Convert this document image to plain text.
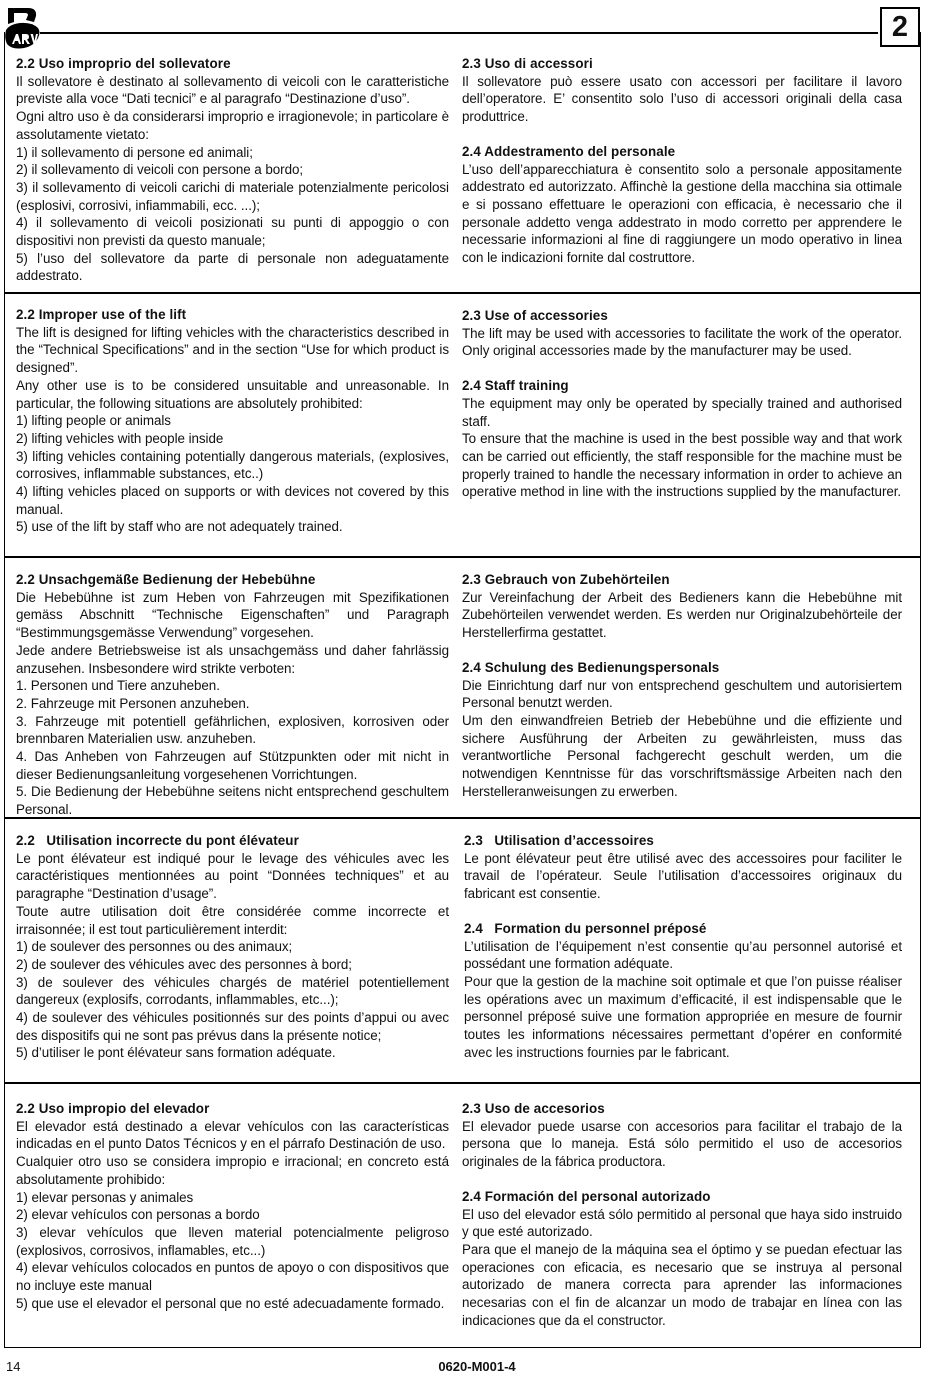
2
2.2 Uso improprio del sollevatore

Il sollevatore è destinato al sollevamento di veicoli con le caratteristiche previste alla voce “Dati tecnici” e al paragrafo “Destinazione d’uso”.

Ogni altro uso è da considerarsi improprio e irragionevole; in particolare è assolutamente vietato:

1) il sollevamento di persone ed animali;

2) il sollevamento di veicoli con persone a bordo;

3) il sollevamento di veicoli carichi di materiale potenzialmente pericolosi (esplosivi, corrosivi, infiammabili, ecc. ...);

4) il sollevamento di veicoli posizionati su punti di appoggio o con dispositivi non previsti da questo manuale;

5) l’uso del sollevatore da parte di personale non adeguatamente addestrato.

2.3 Uso di accessori

Il sollevatore può essere usato con accessori per facilitare il lavoro dell’operatore. E’ consentito solo l’uso di accessori originali della casa produttrice.

2.4 Addestramento del personale

L’uso dell’apparecchiatura è consentito solo a personale appositamente addestrato ed autorizzato. Affinchè la gestione della macchina sia ottimale e si possano effettuare le operazioni con efficacia, è necessario che il personale addetto venga addestrato in modo corretto per apprendere le necessarie informazioni al fine di raggiungere un modo operativo in linea con le indicazioni fornite dal costruttore.

2.2 Improper use of the lift

The lift is designed for lifting vehicles with the characteristics described in the “Technical Specifications” and in the section “Use for which product is designed”.

Any other use is to be considered unsuitable and unreasonable. In particular, the following situations are absolutely prohibited:

1) lifting people or animals

2) lifting vehicles with people inside

3) lifting vehicles containing potentially dangerous materials, (explosives, corrosives, inflammable substances, etc..)

4) lifting vehicles placed on supports or with devices not covered by this manual.

5) use of the lift by staff who are not adequately trained.

2.3 Use of accessories

The lift may be used with accessories to facilitate the work of the operator. Only original accessories made by the manufacturer may be used.

2.4 Staff training

The equipment may only be operated by specially trained and authorised staff.

To ensure that the machine is used in the best possible way and that work can be carried out efficiently, the staff responsible for the machine must be properly trained to handle the necessary information in order to achieve an operative method in line with the instructions supplied by the manufacturer.

2.2 Unsachgemäße Bedienung der Hebebühne

Die Hebebühne ist zum Heben von Fahrzeugen mit Spezifikationen gemäss Abschnitt “Technische Eigenschaften” und Paragraph “Bestimmungsgemässe Verwendung” vorgesehen.

Jede andere Betriebsweise ist als unsachgemäss und daher fahrlässig anzusehen. Insbesondere wird strikte verboten:

1. Personen und Tiere anzuheben.

2. Fahrzeuge mit Personen anzuheben.

3. Fahrzeuge mit potentiell gefährlichen, explosiven, korrosiven oder brennbaren Materialien usw. anzuheben.

4. Das Anheben von Fahrzeugen auf Stützpunkten oder mit nicht in dieser Bedienungsanleitung vorgesehenen Vorrichtungen.

5. Die Bedienung der Hebebühne seitens nicht entsprechend geschultem Personal.

2.3 Gebrauch von Zubehörteilen

Zur Vereinfachung der Arbeit des Bedieners kann die Hebebühne mit Zubehörteilen verwendet werden. Es werden nur Originalzubehörteile der Herstellerfirma gestattet.

2.4 Schulung des Bedienungspersonals

Die Einrichtung darf nur von entsprechend geschultem und autorisiertem Personal benutzt werden.

Um den einwandfreien Betrieb der Hebebühne und die effiziente und sichere Ausführung der Arbeiten zu gewährleisten, muss das verantwortliche Personal fachgerecht geschult werden, um die notwendigen Kenntnisse für das vorschriftsmässige Arbeiten nach den Herstelleranweisungen zu erwerben.

2.2   Utilisation incorrecte du pont élévateur

Le pont élévateur est indiqué pour le levage des véhicules avec les caractéristiques mentionnées au point “Données techniques” et au paragraphe “Destination d’usage”.

Toute autre utilisation doit être considérée comme incorrecte et irraisonnée; il est tout particulièrement interdit:

1) de soulever des personnes ou des animaux;

2) de soulever des véhicules avec des personnes à bord;

3) de soulever des véhicules chargés de matériel potentiellement dangereux (explosifs, corrodants, inflammables, etc...);

4) de soulever des véhicules positionnés sur des points d’appui ou avec des dispositifs qui ne sont pas prévus dans la présente notice;

5) d’utiliser le pont élévateur sans formation adéquate.

2.3   Utilisation d’accessoires

Le pont élévateur peut être utilisé avec des accessoires pour faciliter le travail de l’opérateur. Seule l’utilisation d’accessoires originaux du fabricant est consentie.

2.4   Formation du personnel préposé

L’utilisation de l’équipement n’est consentie qu’au personnel autorisé et possédant une formation adéquate.

Pour que la gestion de la machine soit optimale et que l’on puisse réaliser les opérations avec un maximum d’efficacité, il est indispensable que le personnel préposé suive une formation appropriée en mesure de fournir toutes les informations nécessaires permettant d’opérer en conformité avec les instructions fournies par le fabricant.

2.2 Uso impropio del elevador

El elevador está destinado a elevar vehículos con las características indicadas en el punto Datos Técnicos y en el párrafo Destinación de uso.

Cualquier otro uso se considera impropio e irracional; en concreto está absolutamente prohibido:

1) elevar personas y animales

2) elevar vehículos con personas a bordo

3) elevar vehículos que lleven material potencialmente peligroso (explosivos, corrosivos, inflamables, etc...)

4) elevar vehículos colocados en puntos de apoyo o con dispositivos que no incluye este manual

5) que use el elevador el personal que no esté adecuadamente formado.

2.3 Uso de accesorios

El elevador puede usarse con accesorios para facilitar el trabajo de la persona que lo maneja. Está sólo permitido el uso de accesorios originales de la fábrica productora.

2.4 Formación del personal autorizado

El uso del elevador está sólo permitido al personal que haya sido instruido y que esté autorizado.

Para que el manejo de la máquina sea el óptimo y se puedan efectuar las operaciones con eficacia, es necesario que se instruya al personal autorizado de manera correcta para aprender las informaciones necesarias con el fin de alcanzar un modo de trabajar en línea con las indicaciones que da el constructor.

14	0620-M001-4
